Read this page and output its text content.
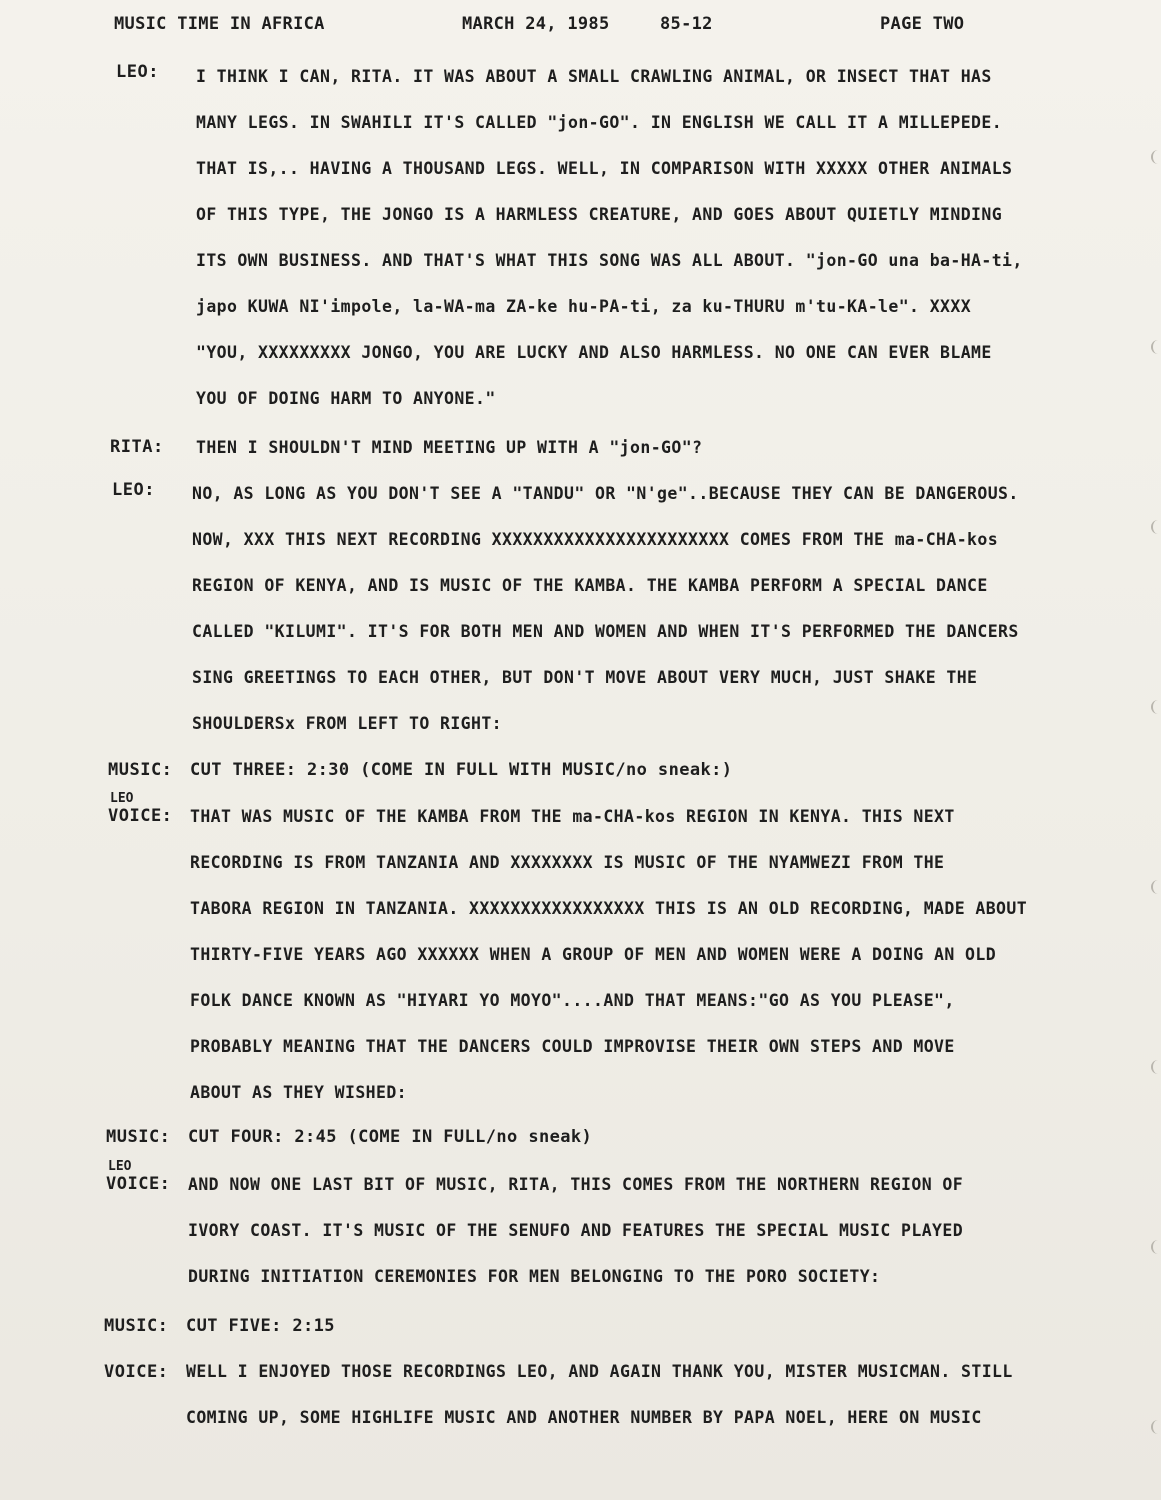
MUSIC TIME IN AFRICA	MARCH 24, 1985	85-12	PAGE TWO
LEO: I THINK I CAN, RITA. IT WAS ABOUT A SMALL CRAWLING ANIMAL, OR INSECT THAT HAS
MANY LEGS. IN SWAHILI IT'S CALLED "jon-GO". IN ENGLISH WE CALL IT A MILLEPEDE.
THAT IS,.. HAVING A THOUSAND LEGS. WELL, IN COMPARISON WITH XXXXX OTHER ANIMALS
OF THIS TYPE, THE JONGO IS A HARMLESS CREATURE, AND GOES ABOUT QUIETLY MINDING
ITS OWN BUSINESS. AND THAT'S WHAT THIS SONG WAS ALL ABOUT. "jon-GO una ba-HA-ti,
japo KUWA NI'impole, la-WA-ma ZA-ke hu-PA-ti, za ku-THURU m'tu-KA-le". XXXX
"YOU, XXXXXXXXX JONGO, YOU ARE LUCKY AND ALSO HARMLESS. NO ONE CAN EVER BLAME
YOU OF DOING HARM TO ANYONE."
RITA: THEN I SHOULDN'T MIND MEETING UP WITH A "jon-GO"?
LEO: NO, AS LONG AS YOU DON'T SEE A "TANDU" OR "N'ge"..BECAUSE THEY CAN BE DANGEROUS.
NOW, XXX THIS NEXT RECORDING XXXXXXXXXXXXXXXXXXXXXXX COMES FROM THE ma-CHA-kos
REGION OF KENYA, AND IS MUSIC OF THE KAMBA. THE KAMBA PERFORM A SPECIAL DANCE
CALLED "KILUMI". IT'S FOR BOTH MEN AND WOMEN AND WHEN IT'S PERFORMED THE DANCERS
SING GREETINGS TO EACH OTHER, BUT DON'T MOVE ABOUT VERY MUCH, JUST SHAKE THE
SHOULDERSx FROM LEFT TO RIGHT:
MUSIC: CUT THREE: 2:30 (COME IN FULL WITH MUSIC/no sneak:)
LEO
VOICE: THAT WAS MUSIC OF THE KAMBA FROM THE ma-CHA-kos REGION IN KENYA. THIS NEXT
RECORDING IS FROM TANZANIA AND XXXXXXXX IS MUSIC OF THE NYAMWEZI FROM THE
TABORA REGION IN TANZANIA. XXXXXXXXXXXXXXXXX THIS IS AN OLD RECORDING, MADE ABOUT
THIRTY-FIVE YEARS AGO XXXXXX WHEN A GROUP OF MEN AND WOMEN WERE A DOING AN OLD
FOLK DANCE KNOWN AS "HIYARI YO MOYO"....AND THAT MEANS:"GO AS YOU PLEASE",
PROBABLY MEANING THAT THE DANCERS COULD IMPROVISE THEIR OWN STEPS AND MOVE
ABOUT AS THEY WISHED:
MUSIC: CUT FOUR: 2:45 (COME IN FULL/no sneak)
LEO
VOICE: AND NOW ONE LAST BIT OF MUSIC, RITA, THIS COMES FROM THE NORTHERN REGION OF
IVORY COAST. IT'S MUSIC OF THE SENUFO AND FEATURES THE SPECIAL MUSIC PLAYED
DURING INITIATION CEREMONIES FOR MEN BELONGING TO THE PORO SOCIETY:
MUSIC: CUT FIVE: 2:15
VOICE: WELL I ENJOYED THOSE RECORDINGS LEO, AND AGAIN THANK YOU, MISTER MUSICMAN. STILL
COMING UP, SOME HIGHLIFE MUSIC AND ANOTHER NUMBER BY PAPA NOEL, HERE ON MUSIC
